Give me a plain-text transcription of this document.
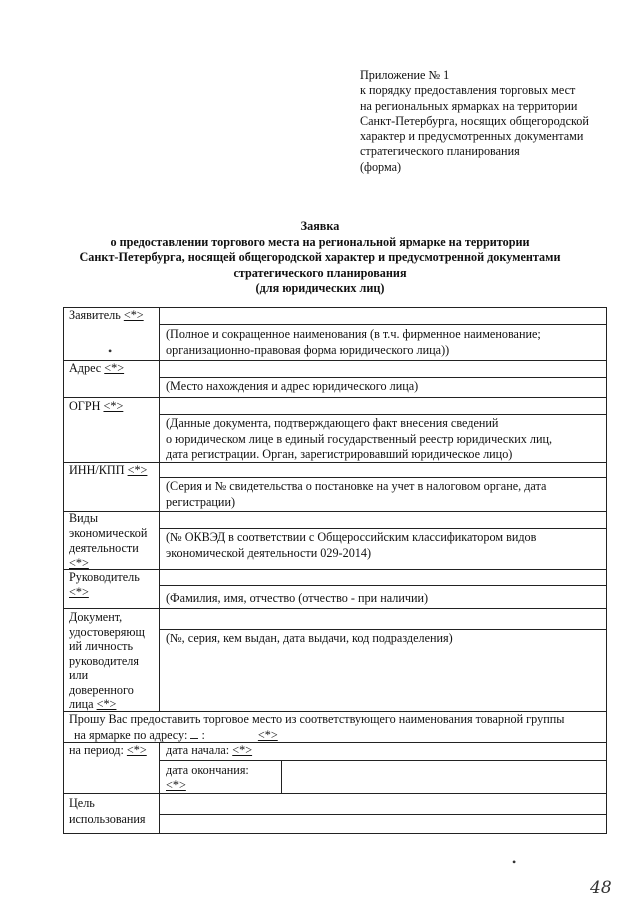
Приложение № 1
к порядку предоставления торговых мест
на региональных ярмарках на территории
Санкт-Петербурга, носящих общегородской
характер и предусмотренных документами
стратегического планирования
(форма)
Заявка
о предоставлении торгового места на региональной ярмарке на территории
Санкт-Петербурга, носящей общегородской характер и предусмотренной документами
стратегического планирования
(для юридических лиц)
Заявитель <*>
•
(Полное и сокращенное наименования (в т.ч. фирменное наименование;
организационно-правовая форма юридического лица))
Адрес <*>
(Место нахождения и адрес юридического лица)
ОГРН <*>
(Данные документа, подтверждающего факт внесения сведений
о юридическом лице в единый государственный реестр юридических лиц,
дата регистрации. Орган, зарегистрировавший юридическое лицо)
ИНН/КПП <*>
(Серия и № свидетельства о постановке на учет в налоговом органе, дата
регистрации)
Виды
экономической
деятельности
<*>
(№ ОКВЭД в соответствии с Общероссийским классификатором видов
экономической деятельности 029-2014)
Руководитель
<*>	(Фамилия, имя, отчество (отчество - при наличии)
Документ,
удостоверяющ
ий личность
руководителя
или
доверенного
лица <*>
(№, серия, кем выдан, дата выдачи, код подразделения)
Прошу Вас предоставить торговое место из соответствующего наименования товарной группы
на ярмарке по адресу:  :	<*>
на период: <*> дата начала: <*>
дата окончания:
<*>
Цель
использования
•
48
